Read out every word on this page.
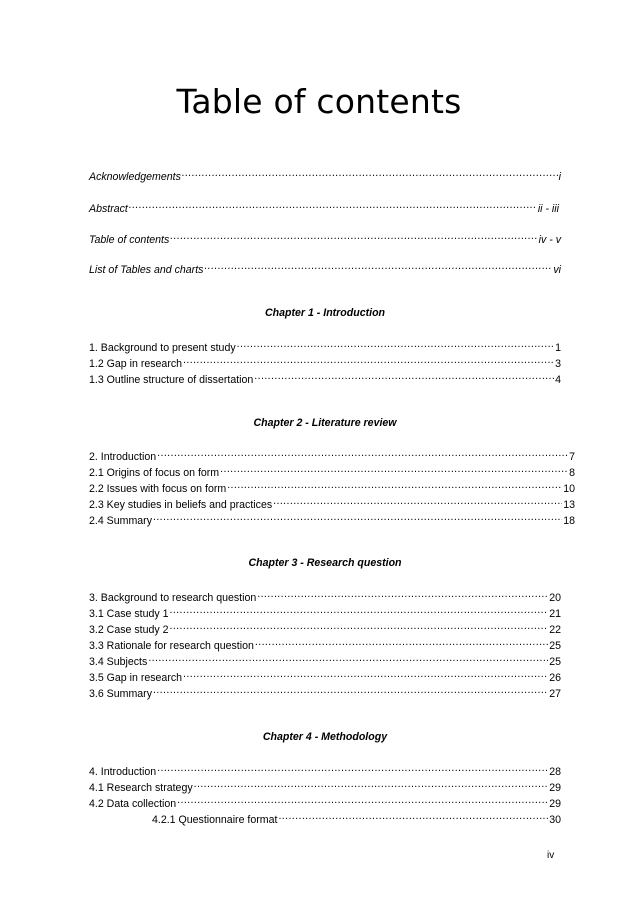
Table of contents
Acknowledgements .....	i
Abstract .....	ii - iii
Table of contents .....	iv - v
List of Tables and charts .....	vi
Chapter 1 - Introduction
1. Background to present study .....	1
1.2 Gap in research .....	3
1.3 Outline structure of dissertation .....	4
Chapter 2 - Literature review
2. Introduction .....	7
2.1 Origins of focus on form .....	8
2.2 Issues with focus on form .....	10
2.3 Key studies in beliefs and practices .....	13
2.4 Summary .....	18
Chapter 3 - Research question
3. Background to research question .....	20
3.1 Case study 1 .....	21
3.2 Case study 2 .....	22
3.3 Rationale for research question .....	25
3.4 Subjects .....	25
3.5 Gap in research .....	26
3.6 Summary .....	27
Chapter 4 - Methodology
4. Introduction .....	28
4.1 Research strategy .....	29
4.2 Data collection .....	29
4.2.1 Questionnaire format .....	30
iv
